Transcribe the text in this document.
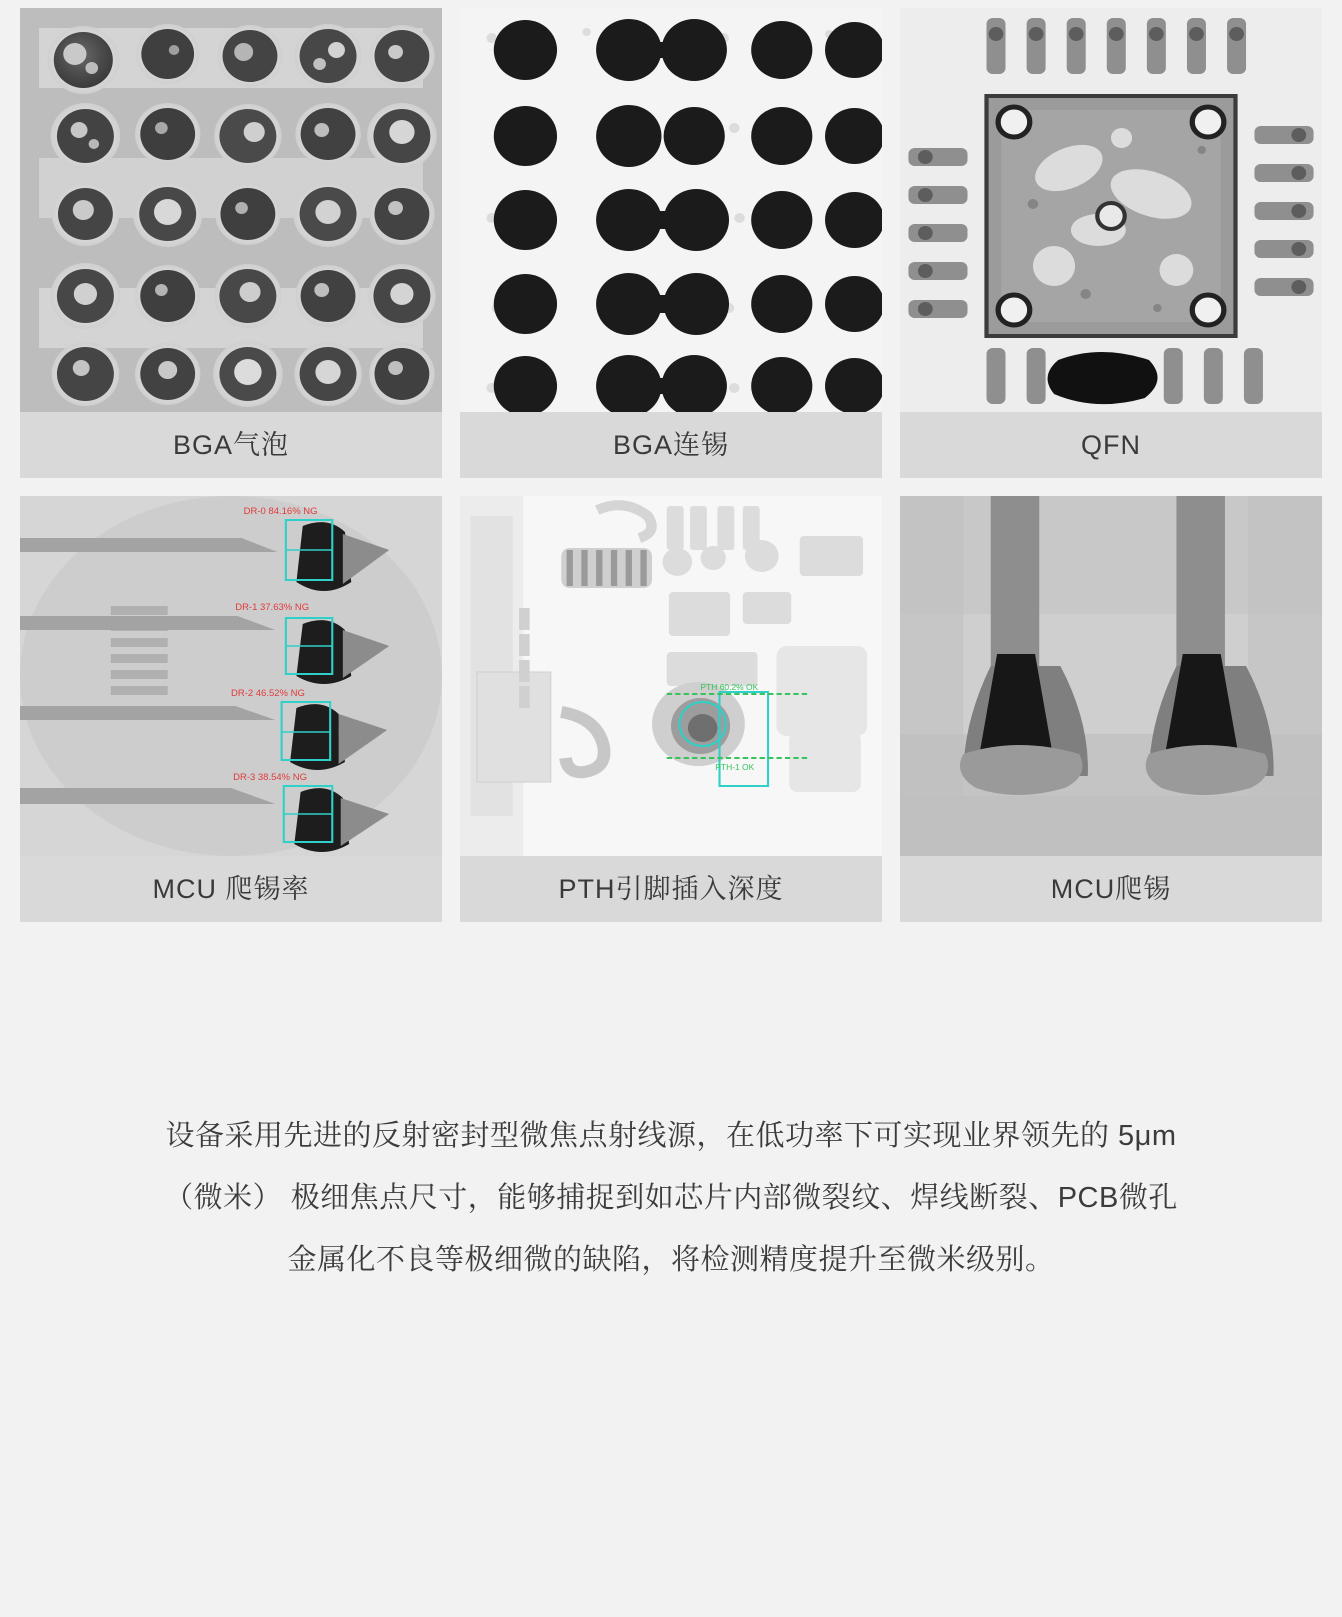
BGA气泡	BGA连锡	QFN
DR-0 84.16% NG
DR-1 37.63% NG
DR-2 46.52% NG
DR-3 38.54% NG
MCU 爬锡率
PTH 60.2% OK
PTH-1 OK
PTH引脚插入深度	MCU爬锡
设备采用先进的反射密封型微焦点射线源，在低功率下可实现业界领先的 5μm（微米） 极细焦点尺寸，能够捕捉到如芯片内部微裂纹、焊线断裂、PCB微孔金属化不良等极细微的缺陷，将检测精度提升至微米级别。
